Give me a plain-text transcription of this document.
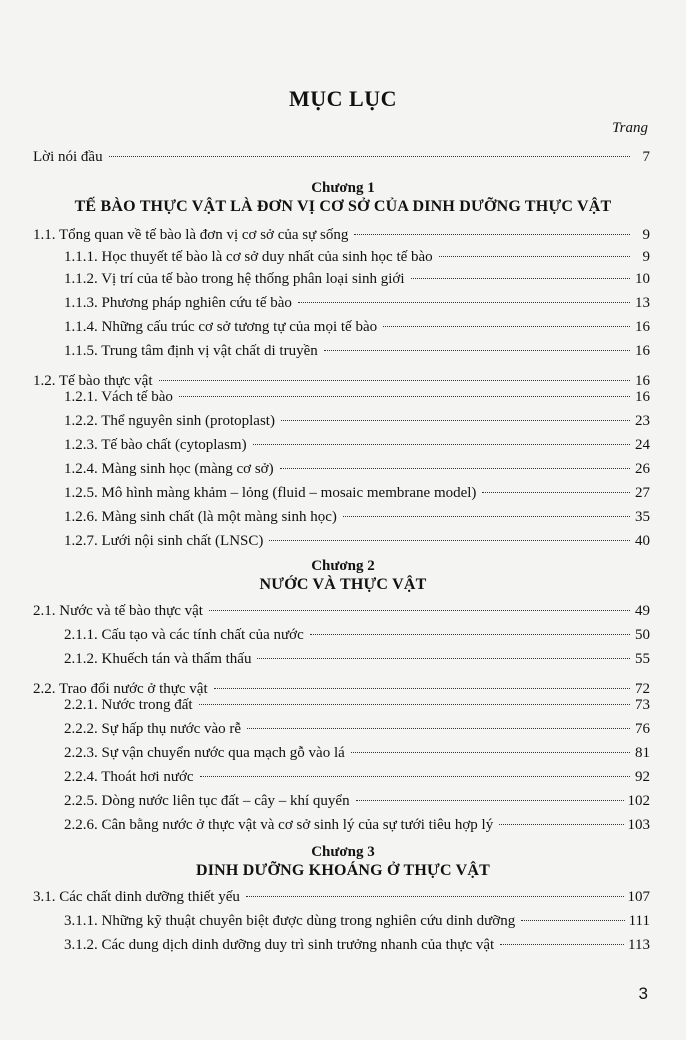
MỤC LỤC
Trang
Lời nói đầu	7
Chương 1
TẾ BÀO THỰC VẬT LÀ ĐƠN VỊ CƠ SỞ CỦA DINH DƯỠNG THỰC VẬT
1.1. Tổng quan về tế bào là đơn vị cơ sở của sự sống	9
1.1.1. Học thuyết tế bào là cơ sở duy nhất của sinh học tế bào	9
1.1.2. Vị trí của tế bào trong hệ thống phân loại sinh giới	10
1.1.3. Phương pháp nghiên cứu tế bào	13
1.1.4. Những cấu trúc cơ sở tương tự của mọi tế bào	16
1.1.5. Trung tâm định vị vật chất di truyền	16
1.2. Tế bào thực vật	16
1.2.1. Vách tế bào	16
1.2.2. Thể nguyên sinh (protoplast)	23
1.2.3. Tế bào chất (cytoplasm)	24
1.2.4. Màng sinh học (màng cơ sở)	26
1.2.5. Mô hình màng khảm – lỏng (fluid – mosaic membrane model)	27
1.2.6. Màng sinh chất (là một màng sinh học)	35
1.2.7. Lưới nội sinh chất (LNSC)	40
Chương 2
NƯỚC VÀ THỰC VẬT
2.1. Nước và tế bào thực vật	49
2.1.1. Cấu tạo và các tính chất của nước	50
2.1.2. Khuếch tán và thẩm thấu	55
2.2. Trao đổi nước ở thực vật	72
2.2.1. Nước trong đất	73
2.2.2. Sự hấp thụ nước vào rễ	76
2.2.3. Sự vận chuyển nước qua mạch gỗ vào lá	81
2.2.4. Thoát hơi nước	92
2.2.5. Dòng nước liên tục đất – cây – khí quyển	102
2.2.6. Cân bằng nước ở thực vật và cơ sở sinh lý của sự tưới tiêu hợp lý	103
Chương 3
DINH DƯỠNG KHOÁNG Ở THỰC VẬT
3.1. Các chất dinh dưỡng thiết yếu	107
3.1.1. Những kỹ thuật chuyên biệt được dùng trong nghiên cứu dinh dưỡng	111
3.1.2. Các dung dịch dinh dưỡng duy trì sinh trưởng nhanh của thực vật	113
3
